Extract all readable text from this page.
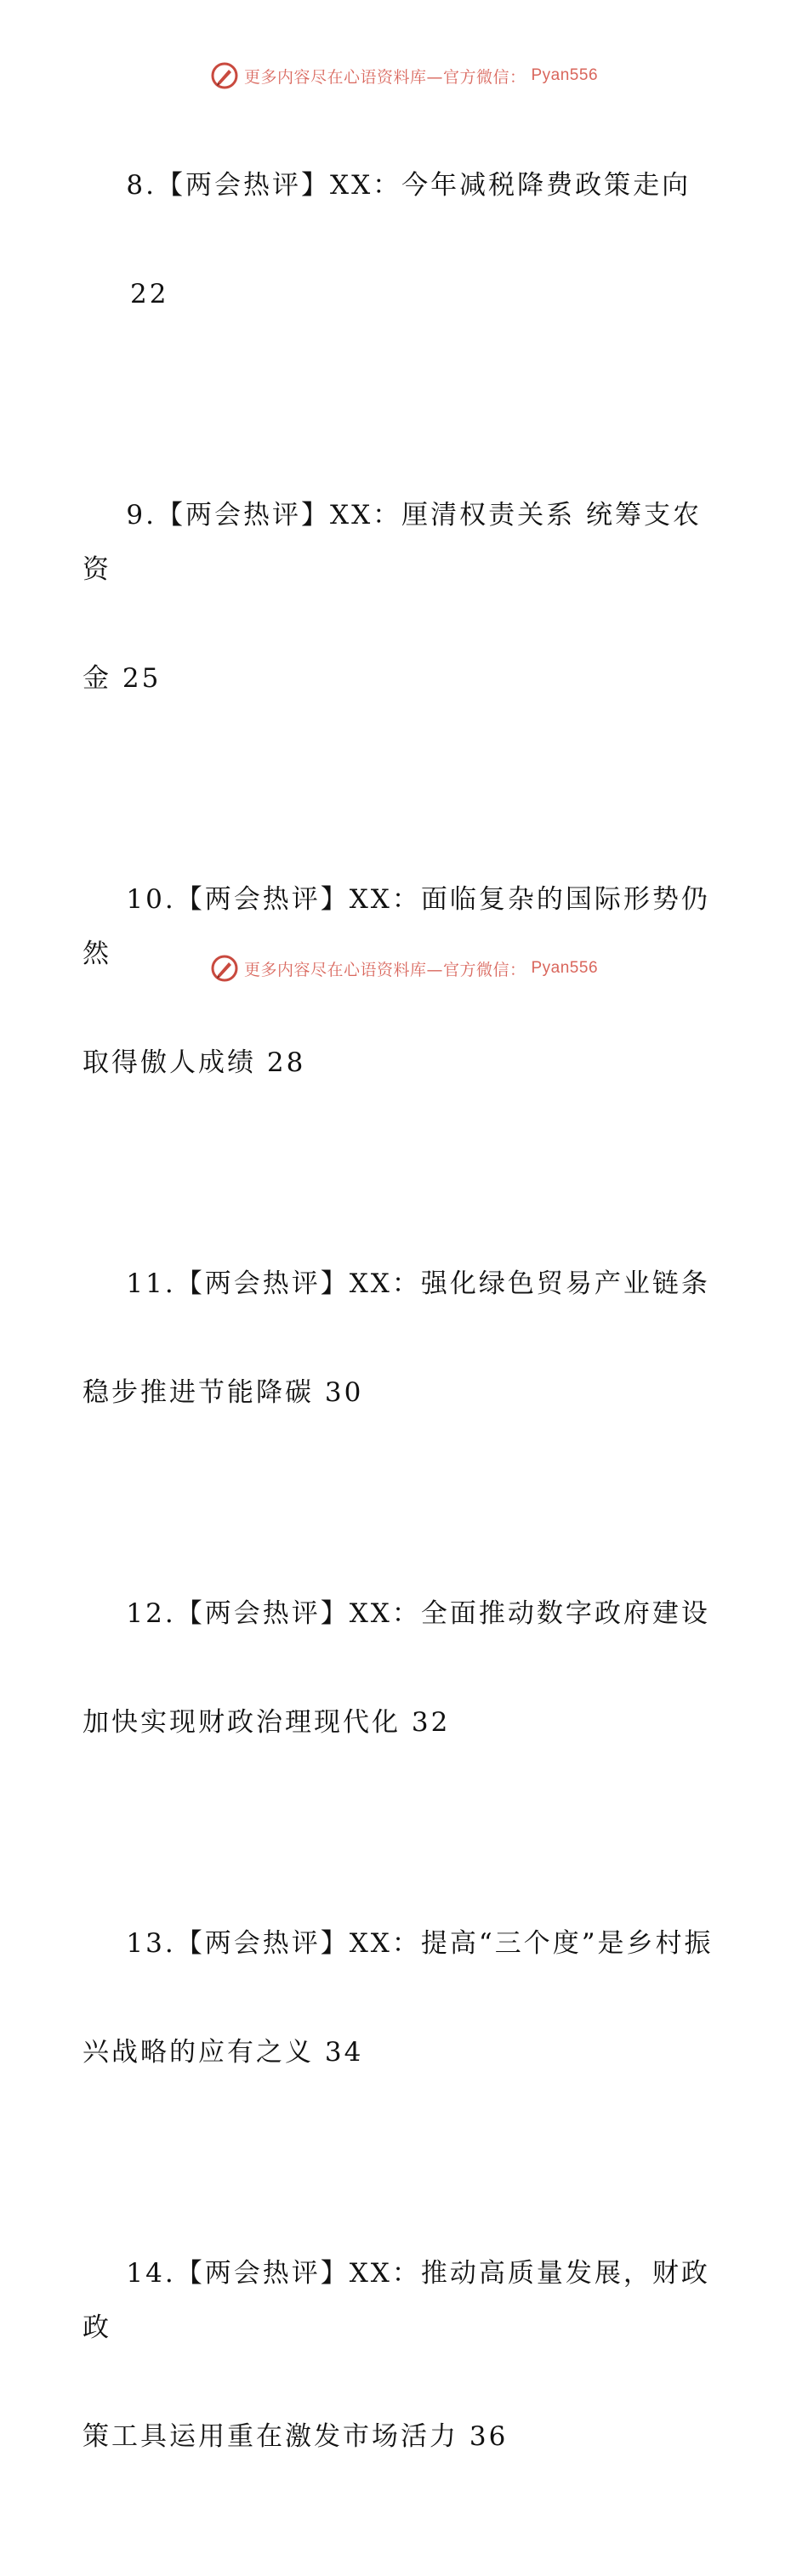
更多内容尽在心语资料库—官方微信： Pyan556

8.【两会热评】XX：今年减税降费政策走向

22

9.【两会热评】XX：厘清权责关系 统筹支农资

金 25

10.【两会热评】XX：面临复杂的国际形势仍然

取得傲人成绩 28

11.【两会热评】XX：强化绿色贸易产业链条

稳步推进节能降碳 30

12.【两会热评】XX：全面推动数字政府建设

加快实现财政治理现代化 32

13.【两会热评】XX：提高“三个度”是乡村振

兴战略的应有之义 34

14.【两会热评】XX：推动高质量发展，财政政

策工具运用重在激发市场活力 36

更多内容尽在心语资料库—官方微信： Pyan556
